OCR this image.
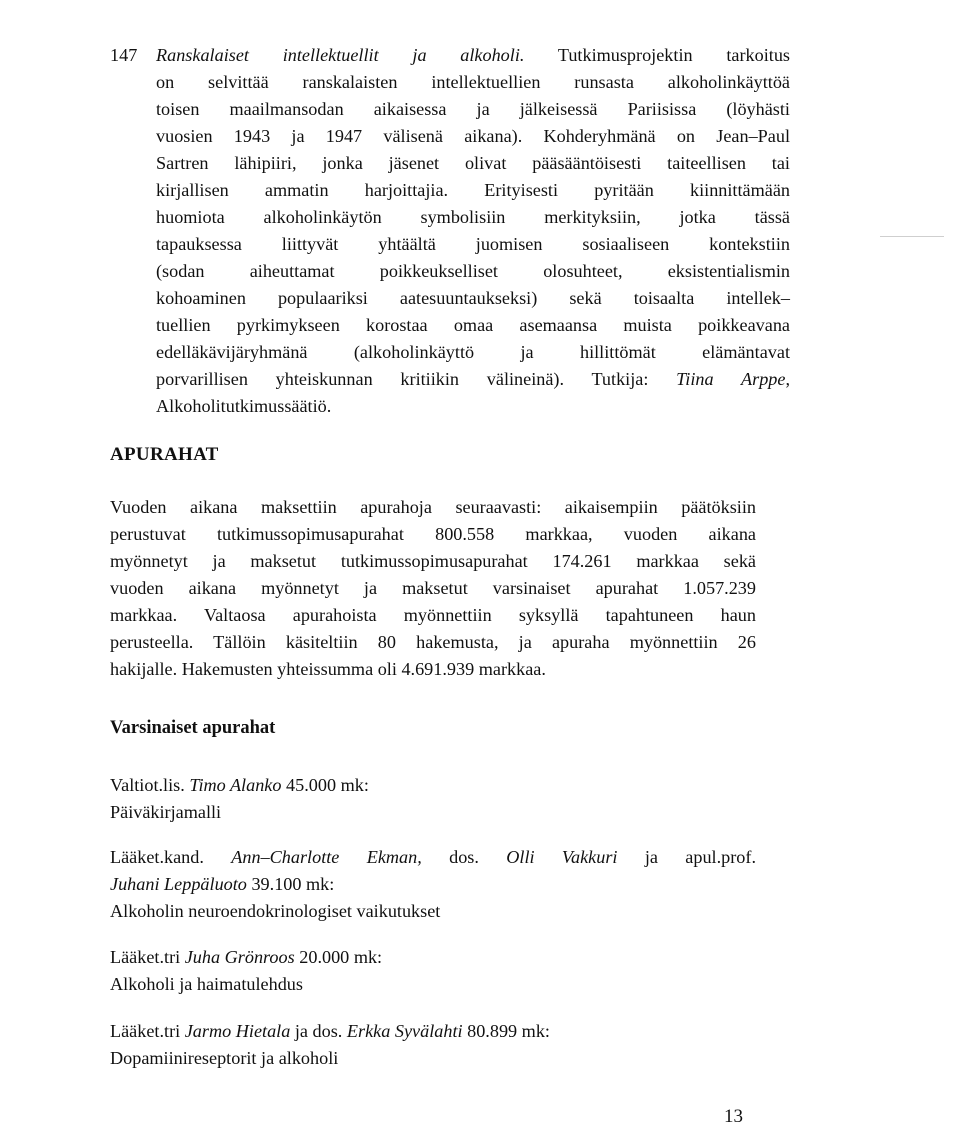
147	Ranskalaiset intellektuellit ja alkoholi. Tutkimusprojektin tarkoitus
on selvittää ranskalaisten intellektuellien runsasta alkoholinkäyttöä
toisen maailmansodan aikaisessa ja jälkeisessä Pariisissa (löyhästi
vuosien 1943 ja 1947 välisenä aikana). Kohderyhmänä on Jean–Paul
Sartren lähipiiri, jonka jäsenet olivat pääsääntöisesti taiteellisen tai
kirjallisen ammatin harjoittajia. Erityisesti pyritään kiinnittämään
huomiota alkoholinkäytön symbolisiin merkityksiin, jotka tässä
tapauksessa liittyvät yhtäältä juomisen sosiaaliseen kontekstiin
(sodan aiheuttamat poikkeukselliset olosuhteet, eksistentialismin
kohoaminen populaariksi aatesuuntaukseksi) sekä toisaalta intellek–
tuellien pyrkimykseen korostaa omaa asemaansa muista poikkeavana
edelläkävijäryhmänä (alkoholinkäyttö ja hillittömät elämäntavat
porvarillisen yhteiskunnan kritiikin välineinä). Tutkija: Tiina Arppe,
Alkoholitutkimussäätiö.
APURAHAT
Vuoden aikana maksettiin apurahoja seuraavasti: aikaisempiin päätöksiin
perustuvat tutkimussopimusapurahat 800.558 markkaa, vuoden aikana
myönnetyt ja maksetut tutkimussopimusapurahat 174.261 markkaa sekä
vuoden aikana myönnetyt ja maksetut varsinaiset apurahat 1.057.239
markkaa. Valtaosa apurahoista myönnettiin syksyllä tapahtuneen haun
perusteella. Tällöin käsiteltiin 80 hakemusta, ja apuraha myönnettiin 26
hakijalle. Hakemusten yhteissumma oli 4.691.939 markkaa.
Varsinaiset apurahat
Valtiot.lis. Timo Alanko 45.000 mk:
Päiväkirjamalli
Lääket.kand. Ann–Charlotte Ekman, dos. Olli Vakkuri ja apul.prof.
Juhani Leppäluoto 39.100 mk:
Alkoholin neuroendokrinologiset vaikutukset
Lääket.tri Juha Grönroos 20.000 mk:
Alkoholi ja haimatulehdus
Lääket.tri Jarmo Hietala ja dos. Erkka Syvälahti 80.899 mk:
Dopamiinireseptorit ja alkoholi
13
